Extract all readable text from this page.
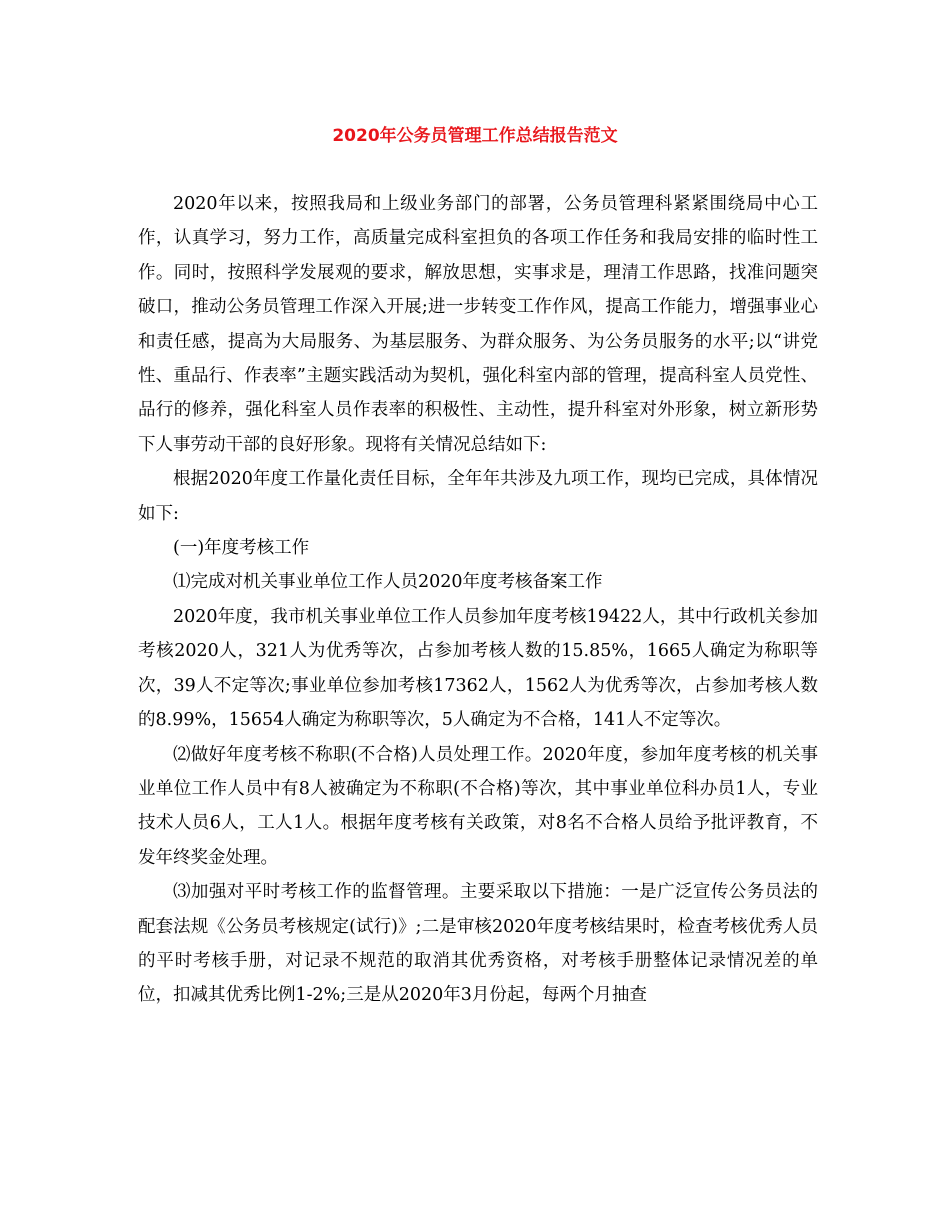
2020年公务员管理工作总结报告范文

2020年以来，按照我局和上级业务部门的部署，公务员管理科紧紧围绕局中心工作，认真学习，努力工作，高质量完成科室担负的各项工作任务和我局安排的临时性工作。同时，按照科学发展观的要求，解放思想，实事求是，理清工作思路，找准问题突破口，推动公务员管理工作深入开展;进一步转变工作作风，提高工作能力，增强事业心和责任感，提高为大局服务、为基层服务、为群众服务、为公务员服务的水平;以“讲党性、重品行、作表率”主题实践活动为契机，强化科室内部的管理，提高科室人员党性、品行的修养，强化科室人员作表率的积极性、主动性，提升科室对外形象，树立新形势下人事劳动干部的良好形象。现将有关情况总结如下:

根据2020年度工作量化责任目标，全年年共涉及九项工作，现均已完成，具体情况如下:

(一)年度考核工作

⑴完成对机关事业单位工作人员2020年度考核备案工作

2020年度，我市机关事业单位工作人员参加年度考核19422人，其中行政机关参加考核2020人，321人为优秀等次，占参加考核人数的15.85%，1665人确定为称职等次，39人不定等次;事业单位参加考核17362人，1562人为优秀等次，占参加考核人数的8.99%，15654人确定为称职等次，5人确定为不合格，141人不定等次。

⑵做好年度考核不称职(不合格)人员处理工作。2020年度，参加年度考核的机关事业单位工作人员中有8人被确定为不称职(不合格)等次，其中事业单位科办员1人，专业技术人员6人，工人1人。根据年度考核有关政策，对8名不合格人员给予批评教育，不发年终奖金处理。

⑶加强对平时考核工作的监督管理。主要采取以下措施：一是广泛宣传公务员法的配套法规《公务员考核规定(试行)》;二是审核2020年度考核结果时，检查考核优秀人员的平时考核手册，对记录不规范的取消其优秀资格，对考核手册整体记录情况差的单位，扣减其优秀比例1-2%;三是从2020年3月份起，每两个月抽查
